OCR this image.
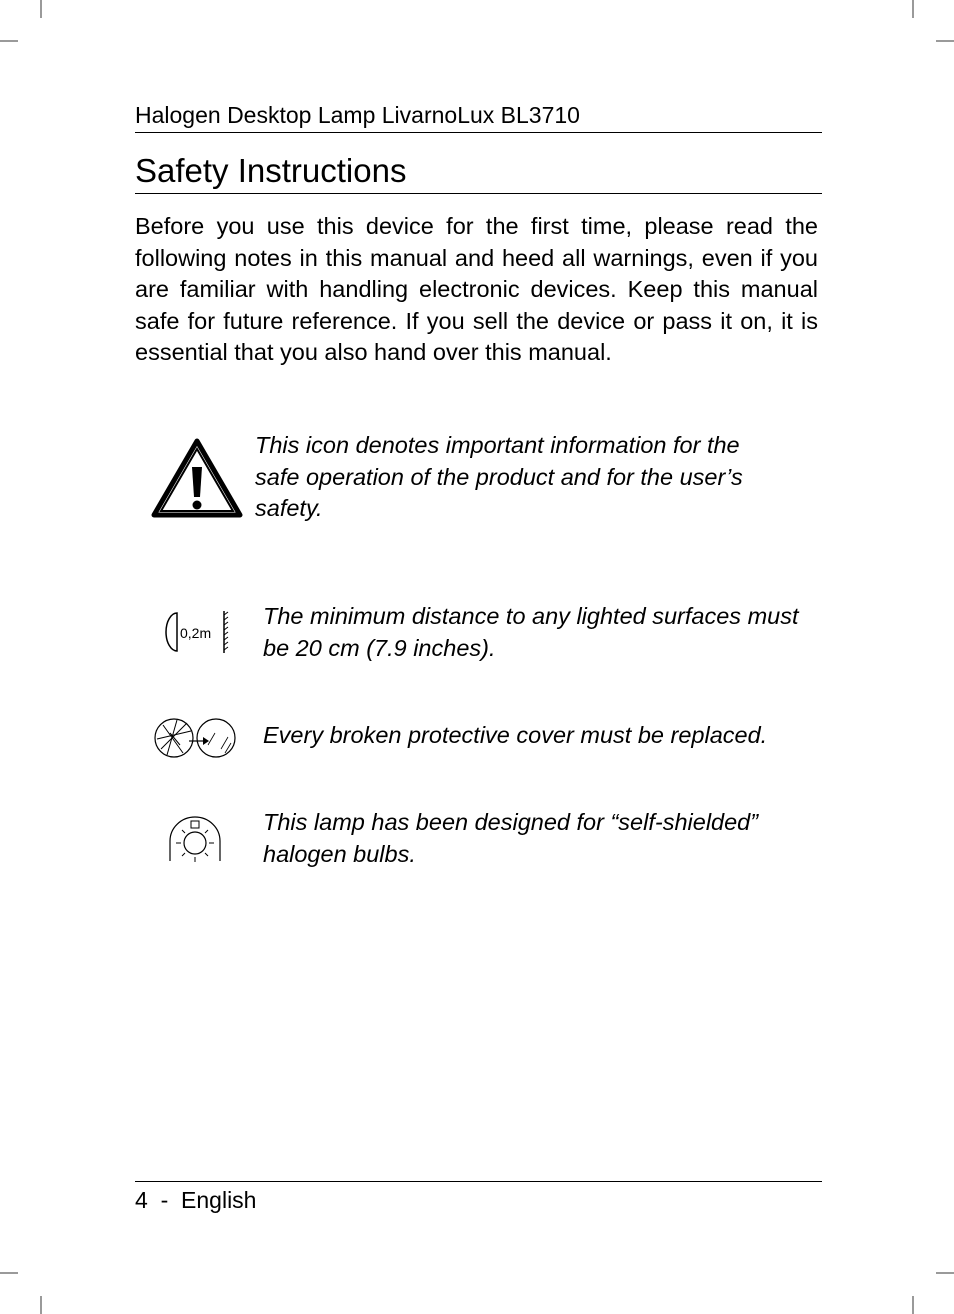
Halogen Desktop Lamp LivarnoLux BL3710
Safety Instructions

Before you use this device for the first time, please read the following notes in this manual and heed all warnings, even if you are familiar with handling electronic devices. Keep this manual safe for future reference. If you sell the device or pass it on, it is essential that you also hand over this manual.

This icon denotes important information for the safe operation of the product and for the user’s safety.

0,2m

The minimum distance to any lighted surfaces must be 20 cm (7.9 inches).

Every broken protective cover must be replaced.

This lamp has been designed for “self-shielded” halogen bulbs.

4 - English
